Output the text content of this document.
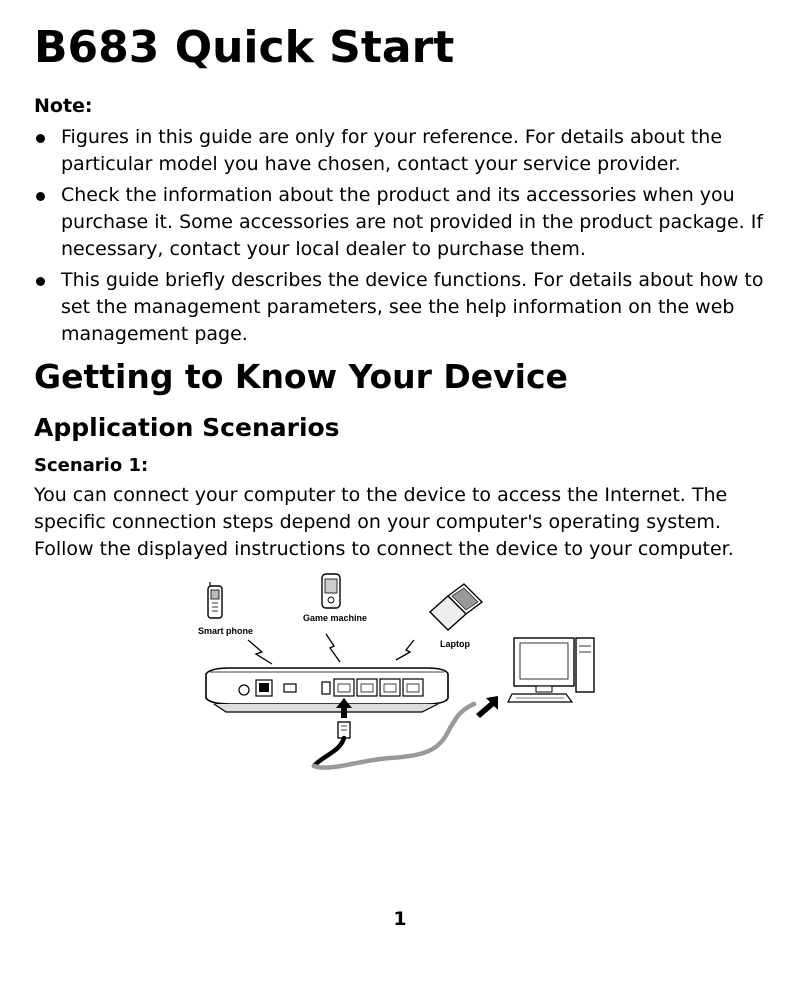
B683 Quick Start

Note:

Figures in this guide are only for your reference. For details about the particular model you have chosen, contact your service provider.
Check the information about the product and its accessories when you purchase it. Some accessories are not provided in the product package. If necessary, contact your local dealer to purchase them.
This guide briefly describes the device functions. For details about how to set the management parameters, see the help information on the web management page.
Getting to Know Your Device
Application Scenarios

Scenario 1:

You can connect your computer to the device to access the Internet. The specific connection steps depend on your computer's operating system. Follow the displayed instructions to connect the device to your computer.

Smart phone
Game machine
Laptop
1
